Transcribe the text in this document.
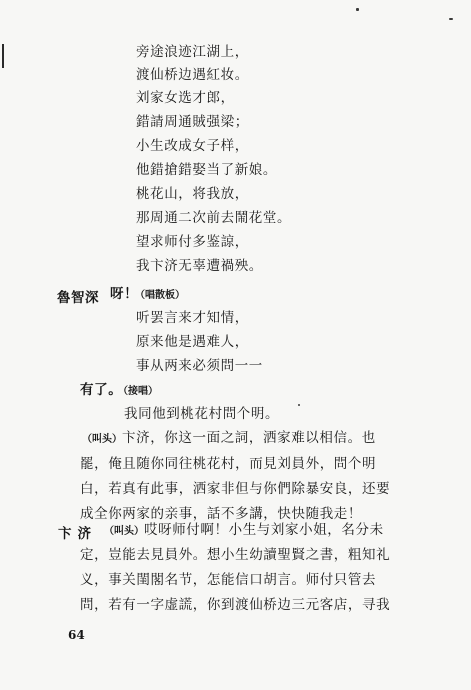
旁途浪迹江湖上，
渡仙桥边遇紅妆。
刘家女选才郎，
錯請周通賊强梁；
小生改成女子样，
他錯搶錯娶当了新娘。
桃花山，将我放，
那周通二次前去鬧花堂。
望求师付多鉴諒，
我卞济无辜遭禍殃。
魯智深 呀！
（唱散板）
听罢言来才知情，
原来他是遇难人，
事从两来必须問一一
有了。
（接唱）
我同他到桃花村問个明。
（叫头） 卞济，你这一面之詞，洒家难以相信。也
罷，俺且随你同往桃花村，而見刘員外，問个明
白，若真有此事，洒家非但与你們除暴安良，还要
成全你两家的亲事，話不多講，快快随我走！
卞济 （叫头） 哎呀师付啊！小生与刘家小姐，名分未
定，豈能去見員外。想小生幼讀聖賢之書，粗知礼
义，事关閨閣名节，怎能信口胡言。师付只管去
問，若有一字虚謊，你到渡仙桥边三元客店，寻我
64
